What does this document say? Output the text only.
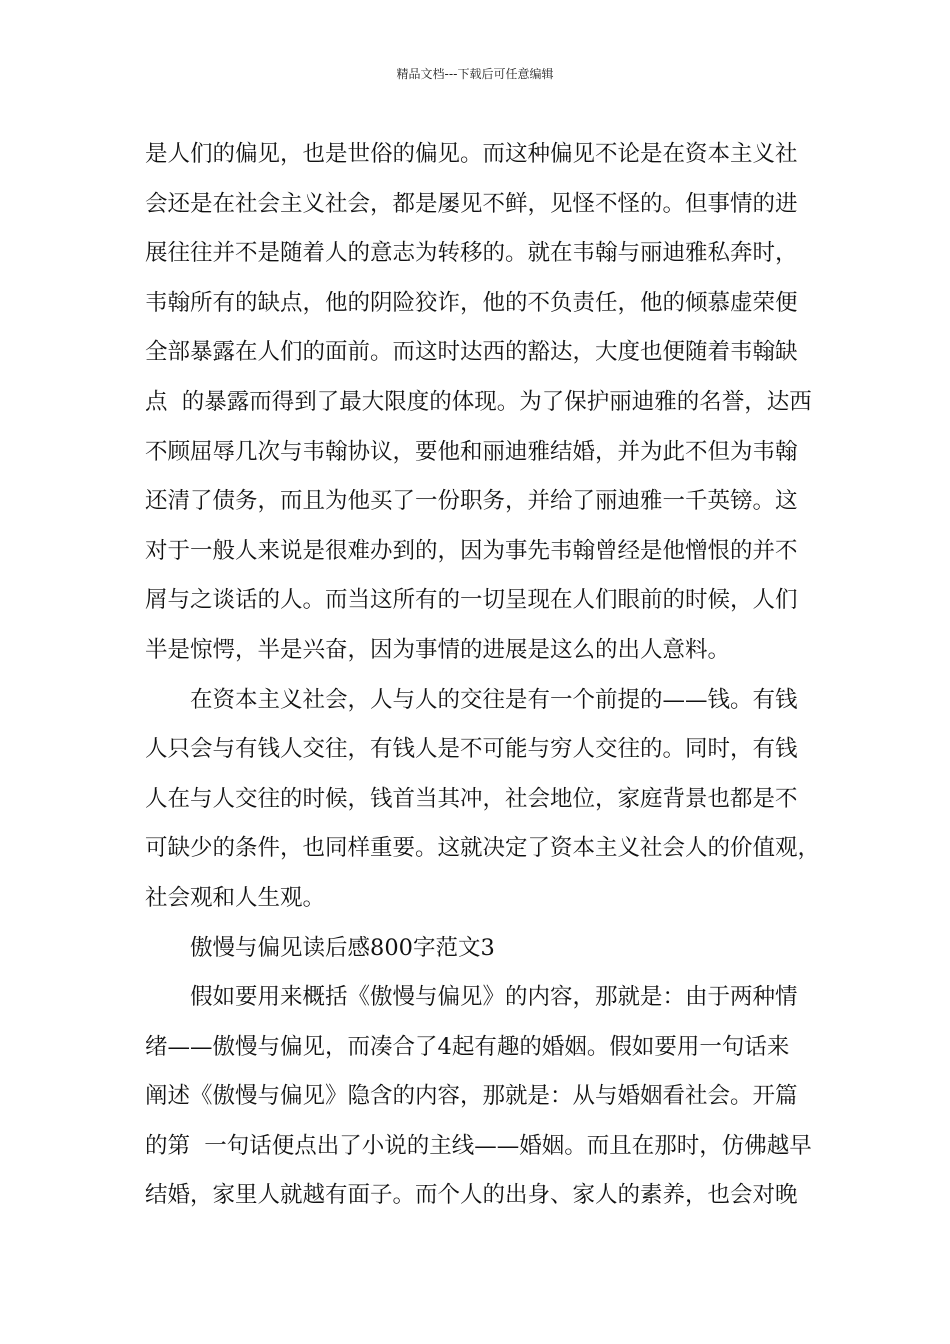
精品文档---下载后可任意编辑
是人们的偏见，也是世俗的偏见。而这种偏见不论是在资本主义社
会还是在社会主义社会，都是屡见不鲜，见怪不怪的。但事情的进
展往往并不是随着人的意志为转移的。就在韦翰与丽迪雅私奔时，
韦翰所有的缺点，他的阴险狡诈，他的不负责任，他的倾慕虚荣便
全部暴露在人们的面前。而这时达西的豁达，大度也便随着韦翰缺
点  的暴露而得到了最大限度的体现。为了保护丽迪雅的名誉，达西
不顾屈辱几次与韦翰协议，要他和丽迪雅结婚，并为此不但为韦翰
还清了债务，而且为他买了一份职务，并给了丽迪雅一千英镑。这
对于一般人来说是很难办到的，因为事先韦翰曾经是他憎恨的并不
屑与之谈话的人。而当这所有的一切呈现在人们眼前的时候，人们
半是惊愕，半是兴奋，因为事情的进展是这么的出人意料。
在资本主义社会，人与人的交往是有一个前提的——钱。有钱
人只会与有钱人交往，有钱人是不可能与穷人交往的。同时，有钱
人在与人交往的时候，钱首当其冲，社会地位，家庭背景也都是不
可缺少的条件，也同样重要。这就决定了资本主义社会人的价值观，
社会观和人生观。
傲慢与偏见读后感800字范文3
假如要用来概括《傲慢与偏见》的内容，那就是：由于两种情
绪——傲慢与偏见，而凑合了4起有趣的婚姻。假如要用一句话来
阐述《傲慢与偏见》隐含的内容，那就是：从与婚姻看社会。开篇
的第  一句话便点出了小说的主线——婚姻。而且在那时，仿佛越早
结婚，家里人就越有面子。而个人的出身、家人的素养，也会对晚
